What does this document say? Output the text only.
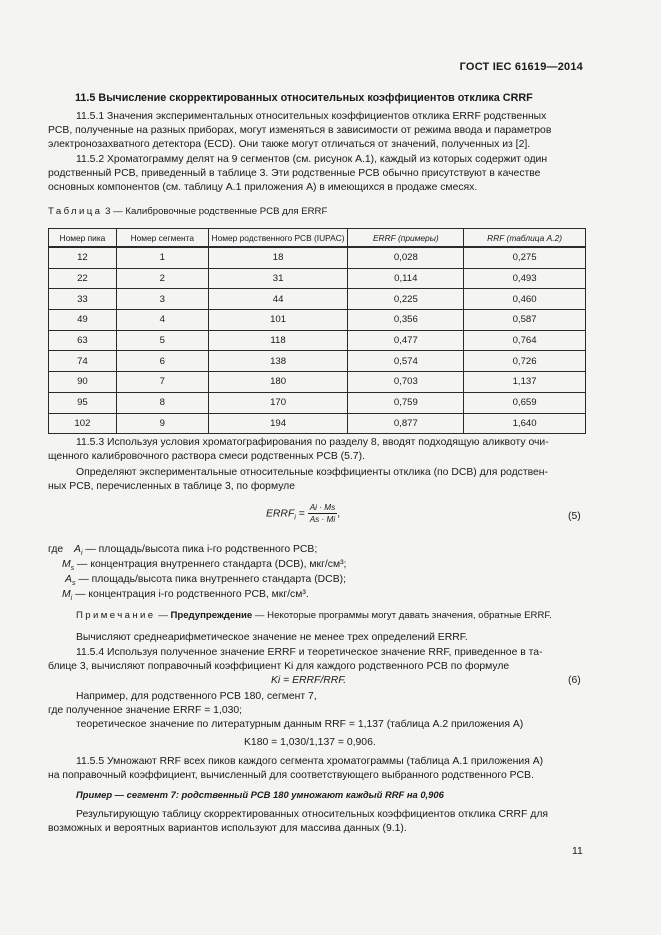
ГОСТ IEC 61619—2014
11.5 Вычисление скорректированных относительных коэффициентов отклика CRRF

11.5.1 Значения экспериментальных относительных коэффициентов отклика ERRF родственных

PCB, полученные на разных приборах, могут изменяться в зависимости от режима ввода и параметров

электронозахватного детектора (ECD). Они также могут отличаться от значений, полученных из [2].

11.5.2 Хроматограмму делят на 9 сегментов (см. рисунок А.1), каждый из которых содержит один

родственный PCB, приведенный в таблице 3. Эти родственные PCB обычно присутствуют в качестве

основных компонентов (см. таблицу А.1 приложения А) в имеющихся в продаже смесях.

Таблица 3 — Калибровочные родственные PCB для ERRF
Номер пика	Номер сегмента	Номер родственного PCB (IUPAC)	ERRF (примеры)	RRF (таблица А.2)
12	1	18	0,028	0,275
22	2	31	0,114	0,493
33	3	44	0,225	0,460
49	4	101	0,356	0,587
63	5	118	0,477	0,764
74	6	138	0,574	0,726
90	7	180	0,703	1,137
95	8	170	0,759	0,659
102	9	194	0,877	1,640

11.5.3 Используя условия хроматографирования по разделу 8, вводят подходящую аликвоту очи-

щенного калибровочного раствора смеси родственных PCB (5.7).

Определяют экспериментальные относительные коэффициенты отклика (по DCB) для родствен-

ных PCB, перечисленных в таблице 3, по формуле

$ERRF_i = \frac{Ai \cdot Ms}{As \cdot Mi}$ ,	(5)
где $A_i$ — площадь/высота пика i-го родственного PCB;
$M_s$ — концентрация внутреннего стандарта (DCB), мкг/см³;
$A_s$ — площадь/высота пика внутреннего стандарта (DCB);
$M_i$ — концентрация i-го родственного PCB, мкг/см³.
Примечание — Предупреждение — Некоторые программы могут давать значения, обратные ERRF.
Вычисляют среднеарифметическое значение не менее трех определений ERRF.

11.5.4 Используя полученное значение ERRF и теоретическое значение RRF, приведенное в та-

блице 3, вычисляют поправочный коэффициент Ki для каждого родственного PCB по формуле

Ki = ERRF/RRF.	(6)
Например, для родственного PCB 180, сегмент 7,
где полученное значение ERRF = 1,030;
теоретическое значение по литературным данным RRF = 1,137 (таблица А.2 приложения А)
K180 = 1,030/1,137 = 0,906.

11.5.5 Умножают RRF всех пиков каждого сегмента хроматограммы (таблица А.1 приложения А)

на поправочный коэффициент, вычисленный для соответствующего выбранного родственного PCB.

Пример — сегмент 7: родственный PCB 180 умножают каждый RRF на 0,906

Результирующую таблицу скорректированных относительных коэффициентов отклика CRRF для

возможных и вероятных вариантов используют для массива данных (9.1).

11
